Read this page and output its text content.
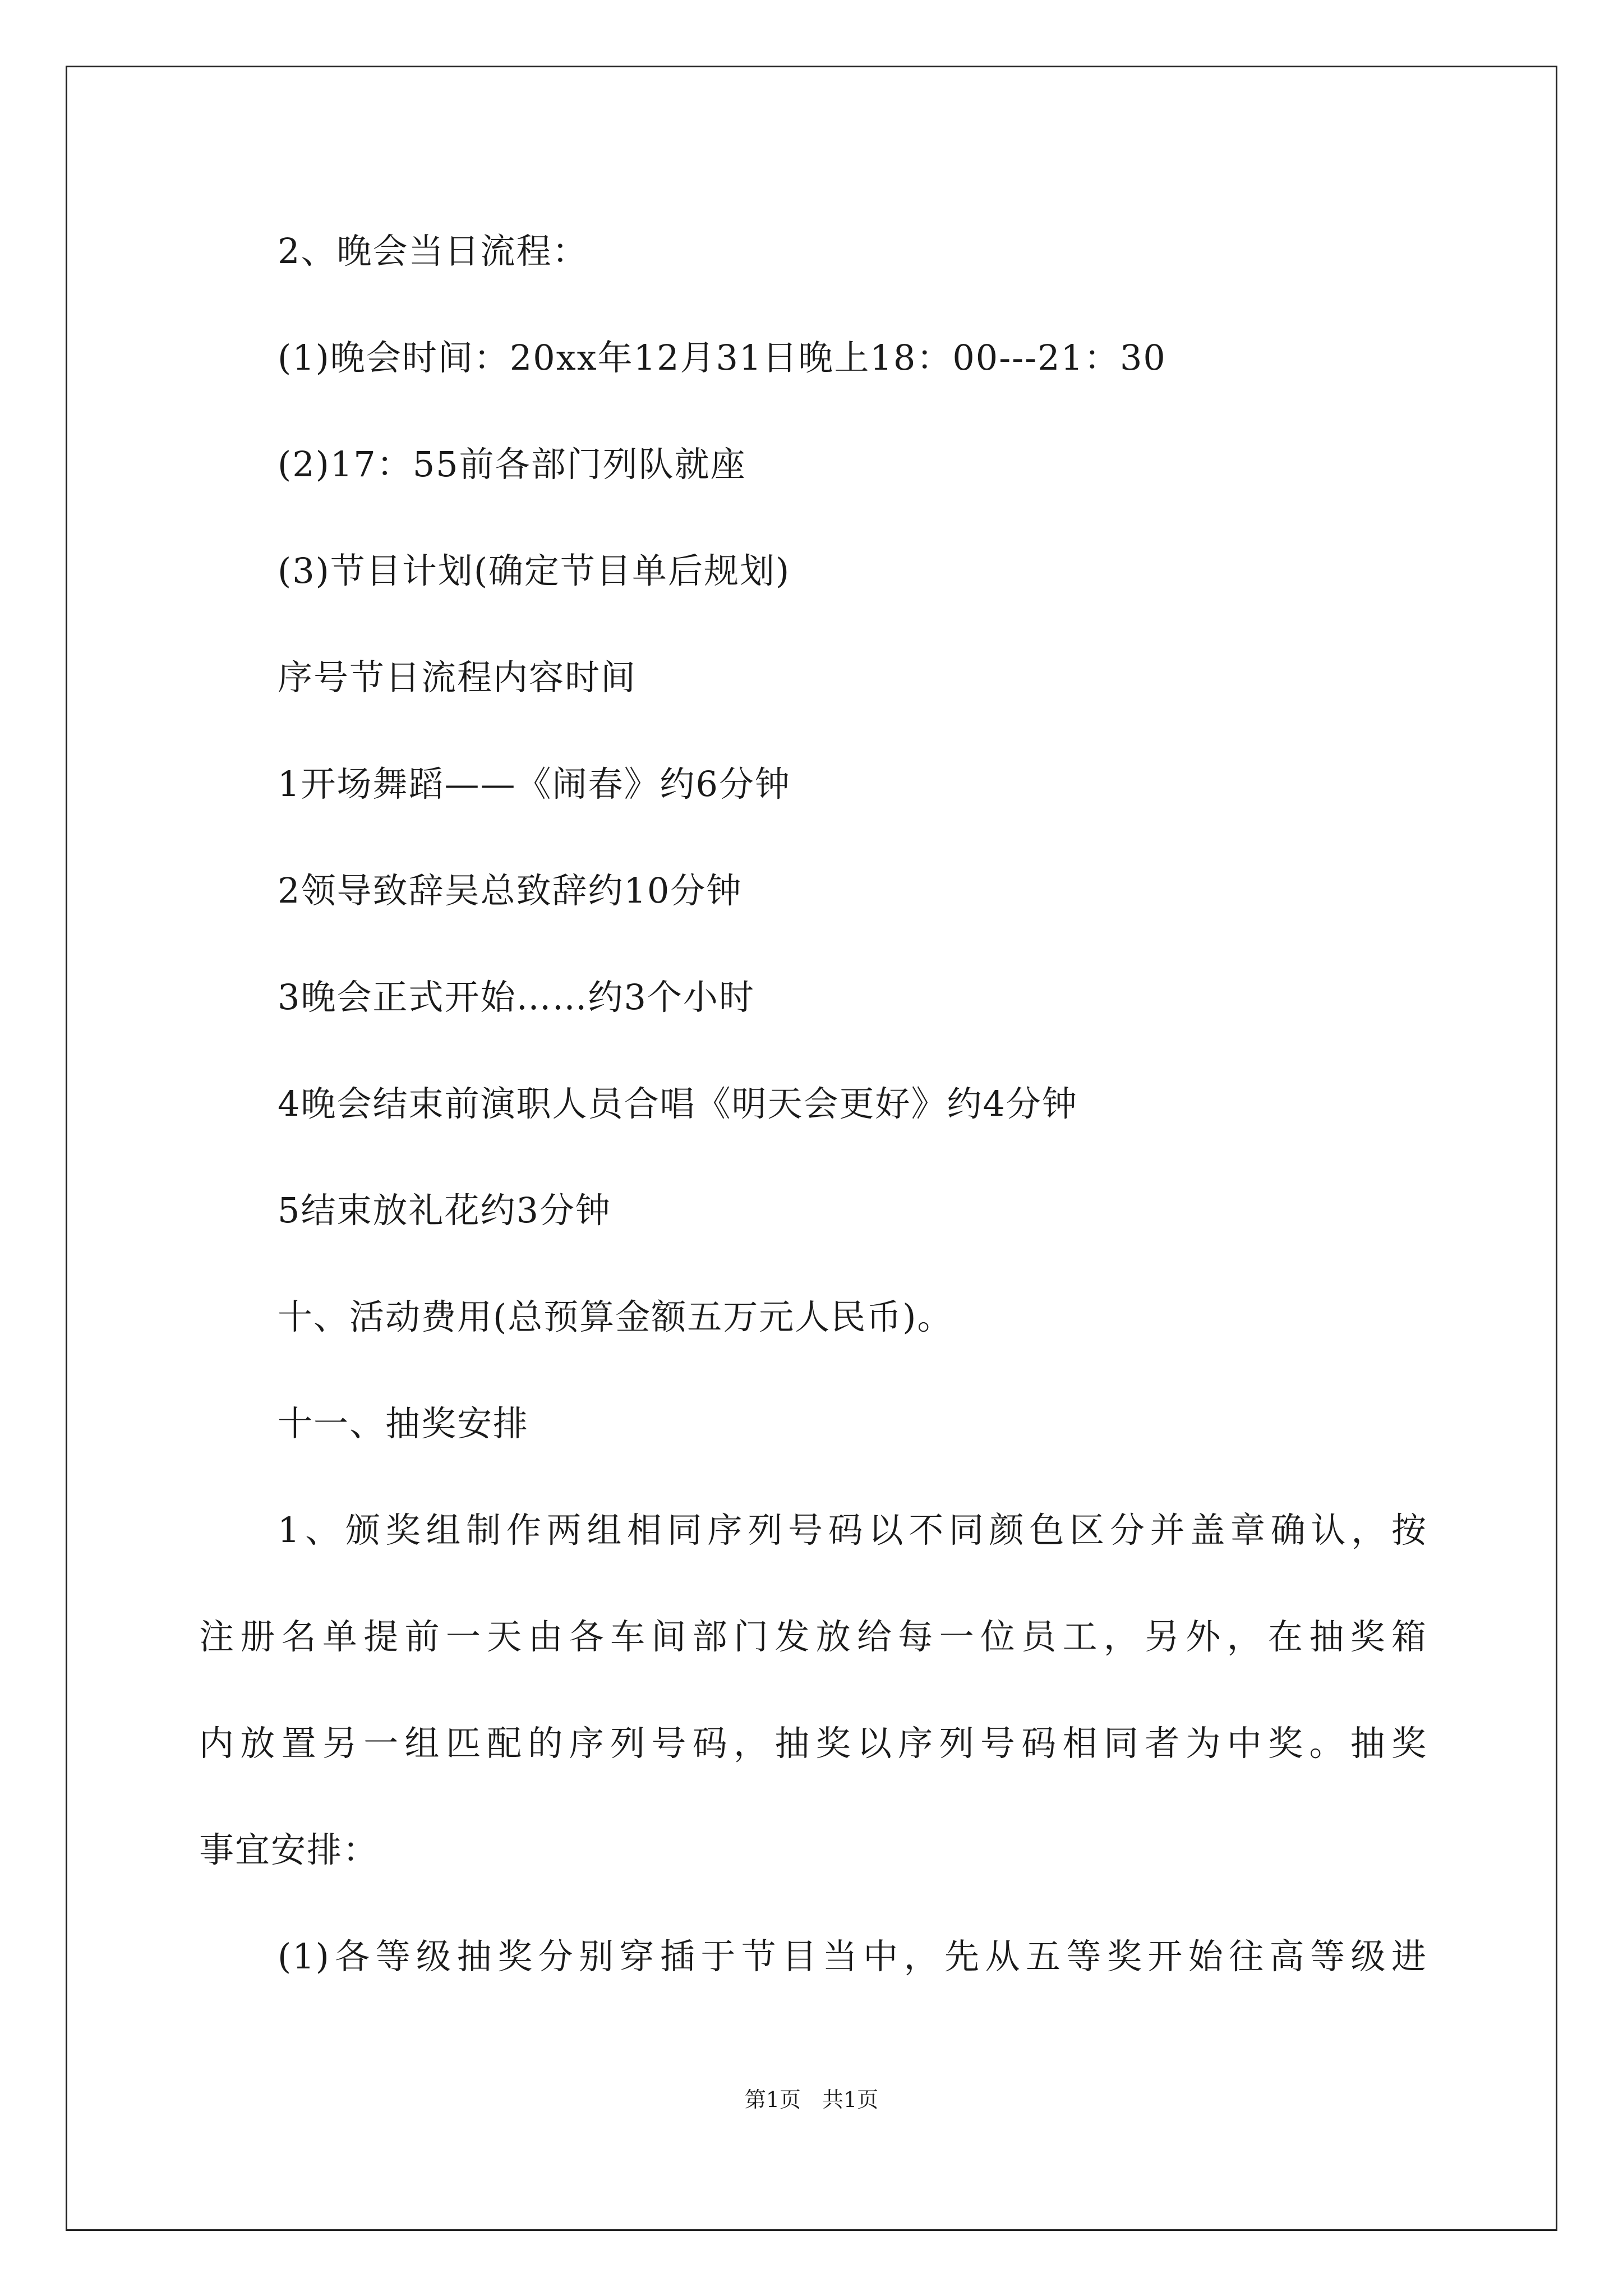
2、晚会当日流程：
(1)晚会时间：20xx年12月31日晚上18：00---21：30
(2)17：55前各部门列队就座
(3)节目计划(确定节目单后规划)
序号节日流程内容时间
1开场舞蹈——《闹春》约6分钟
2领导致辞吴总致辞约10分钟
3晚会正式开始……约3个小时
4晚会结束前演职人员合唱《明天会更好》约4分钟
5结束放礼花约3分钟
十、活动费用(总预算金额五万元人民币)。
十一、抽奖安排
1、颁奖组制作两组相同序列号码以不同颜色区分并盖章确认，按
注册名单提前一天由各车间部门发放给每一位员工，另外，在抽奖箱
内放置另一组匹配的序列号码，抽奖以序列号码相同者为中奖。抽奖
事宜安排：
(1)各等级抽奖分别穿插于节目当中，先从五等奖开始往高等级进
第1页　共1页
